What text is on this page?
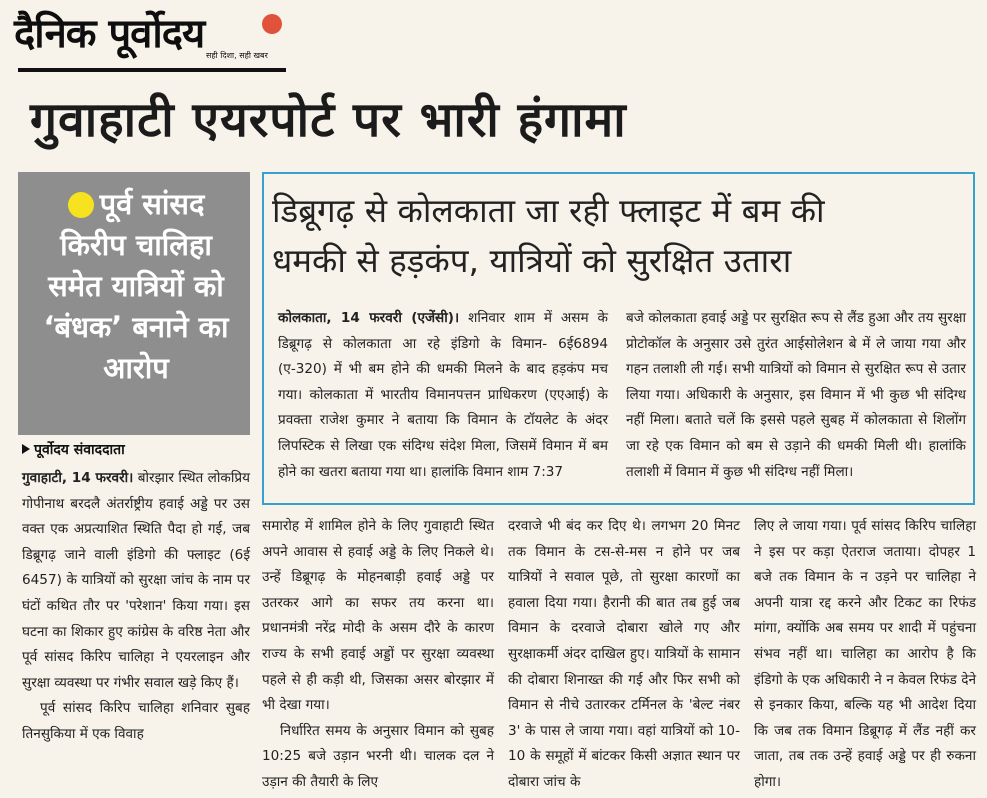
दैनिक पूर्वोदय सही दिशा, सही खबर
गुवाहाटी एयरपोर्ट पर भारी हंगामा

पूर्व सांसद किरीप चालिहा समेत यात्रियों को ‘बंधक’ बनाने का आरोप

डिब्रूगढ़ से कोलकाता जा रही फ्लाइट में बम की
धमकी से हड़कंप, यात्रियों को सुरक्षित उतारा
कोलकाता, 14 फरवरी (एजेंसी)। शनिवार शाम में असम के डिब्रूगढ़ से कोलकाता आ रहे इंडिगो के विमान- 6ई6894 (ए-320) में भी बम होने की धमकी मिलने के बाद हड़कंप मच गया। कोलकाता में भारतीय विमानपत्तन प्राधिकरण (एएआई) के प्रवक्ता राजेश कुमार ने बताया कि विमान के टॉयलेट के अंदर लिपस्टिक से लिखा एक संदिग्ध संदेश मिला, जिसमें विमान में बम होने का खतरा बताया गया था। हालांकि विमान शाम 7:37
बजे कोलकाता हवाई अड्डे पर सुरक्षित रूप से लैंड हुआ और तय सुरक्षा प्रोटोकॉल के अनुसार उसे तुरंत आईसोलेशन बे में ले जाया गया और गहन तलाशी ली गई। सभी यात्रियों को विमान से सुरक्षित रूप से उतार लिया गया। अधिकारी के अनुसार, इस विमान में भी कुछ भी संदिग्ध नहीं मिला। बताते चलें कि इससे पहले सुबह में कोलकाता से शिलोंग जा रहे एक विमान को बम से उड़ाने की धमकी मिली थी। हालांकि तलाशी में विमान में कुछ भी संदिग्ध नहीं मिला।
पूर्वोदय संवाददाता
गुवाहाटी, 14 फरवरी। बोरझार स्थित लोकप्रिय गोपीनाथ बरदलै अंतर्राष्ट्रीय हवाई अड्डे पर उस वक्त एक अप्रत्याशित स्थिति पैदा हो गई, जब डिब्रूगढ़ जाने वाली इंडिगो की फ्लाइट (6ई 6457) के यात्रियों को सुरक्षा जांच के नाम पर घंटों कथित तौर पर 'परेशान' किया गया। इस घटना का शिकार हुए कांग्रेस के वरिष्ठ नेता और पूर्व सांसद किरिप चालिहा ने एयरलाइन और सुरक्षा व्यवस्था पर गंभीर सवाल खड़े किए हैं।
पूर्व सांसद किरिप चालिहा शनिवार सुबह तिनसुकिया में एक विवाह
समारोह में शामिल होने के लिए गुवाहाटी स्थित अपने आवास से हवाई अड्डे के लिए निकले थे। उन्हें डिब्रूगढ़ के मोहनबाड़ी हवाई अड्डे पर उतरकर आगे का सफर तय करना था। प्रधानमंत्री नरेंद्र मोदी के असम दौरे के कारण राज्य के सभी हवाई अड्डों पर सुरक्षा व्यवस्था पहले से ही कड़ी थी, जिसका असर बोरझार में भी देखा गया।
निर्धारित समय के अनुसार विमान को सुबह 10:25 बजे उड़ान भरनी थी। चालक दल ने उड़ान की तैयारी के लिए
दरवाजे भी बंद कर दिए थे। लगभग 20 मिनट तक विमान के टस-से-मस न होने पर जब यात्रियों ने सवाल पूछे, तो सुरक्षा कारणों का हवाला दिया गया। हैरानी की बात तब हुई जब विमान के दरवाजे दोबारा खोले गए और सुरक्षाकर्मी अंदर दाखिल हुए। यात्रियों के सामान की दोबारा शिनाख्त की गई और फिर सभी को विमान से नीचे उतारकर टर्मिनल के 'बेल्ट नंबर 3' के पास ले जाया गया। वहां यात्रियों को 10-10 के समूहों में बांटकर किसी अज्ञात स्थान पर दोबारा जांच के
लिए ले जाया गया। पूर्व सांसद किरिप चालिहा ने इस पर कड़ा ऐतराज जताया। दोपहर 1 बजे तक विमान के न उड़ने पर चालिहा ने अपनी यात्रा रद्द करने और टिकट का रिफंड मांगा, क्योंकि अब समय पर शादी में पहुंचना संभव नहीं था। चालिहा का आरोप है कि इंडिगो के एक अधिकारी ने न केवल रिफंड देने से इनकार किया, बल्कि यह भी आदेश दिया कि जब तक विमान डिब्रूगढ़ में लैंड नहीं कर जाता, तब तक उन्हें हवाई अड्डे पर ही रुकना होगा।
